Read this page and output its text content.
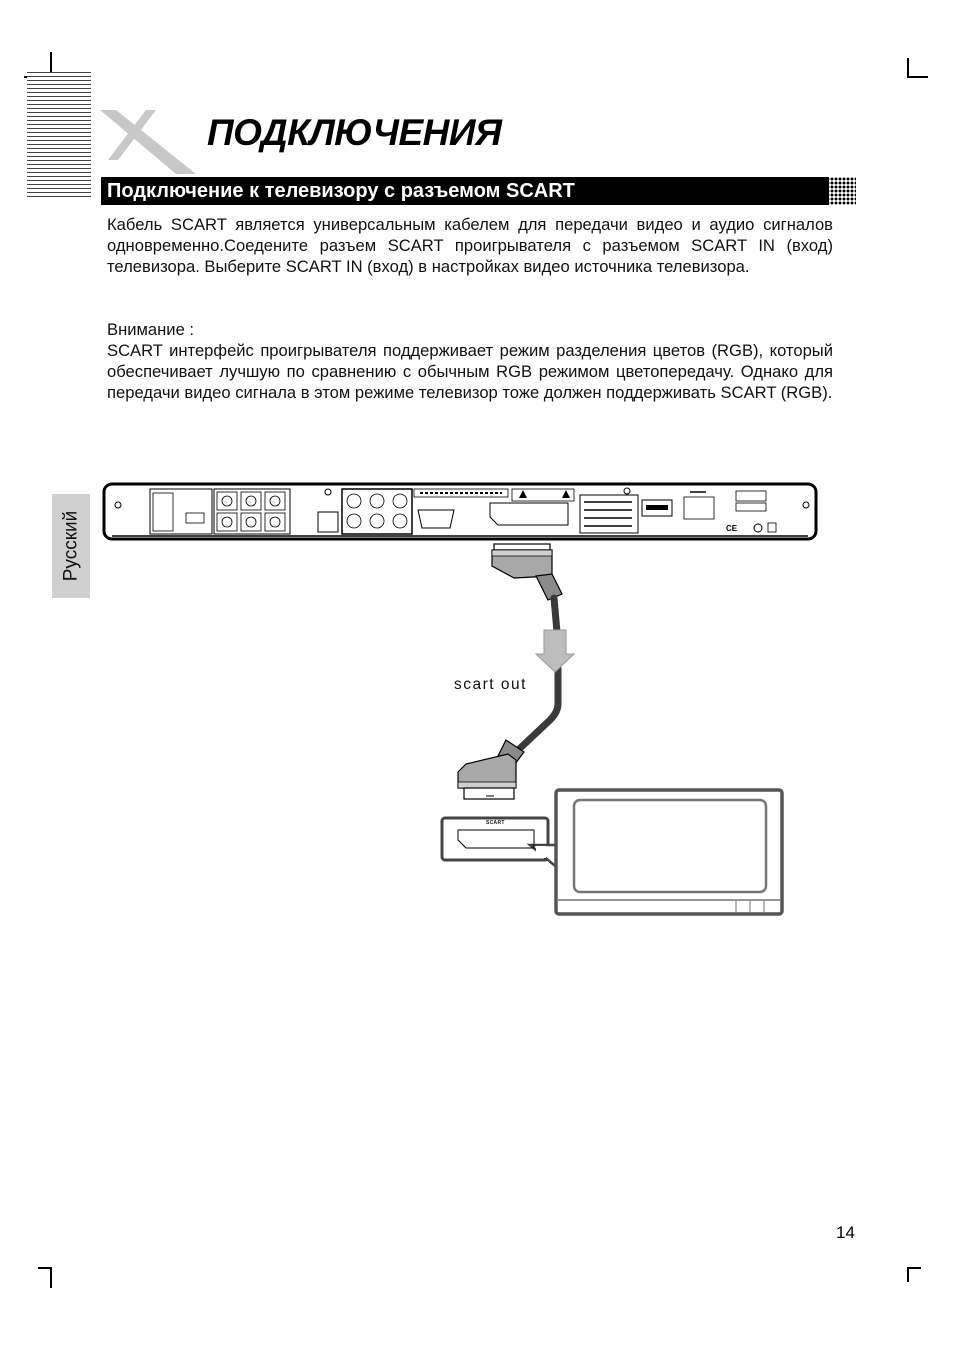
CE
ПОДКЛЮЧЕНИЯ
Подключение к телевизору с разъемом SCART
Кабель SCART является универсальным кабелем для передачи видео и аудио сигналов одновременно.Соедените разъем SCART проигрывателя с разъемом SCART IN (вход) телевизора. Выберите SCART IN (вход) в настройках видео источника телевизора.
Внимание :
SCART интерфейс проигрывателя поддерживает режим разделения цветов (RGB), который обеспечивает лучшую по сравнению с обычным RGB режимом цветопередачу. Однако для передачи видео сигнала в этом режиме телевизор тоже должен поддерживать SCART (RGB).
Русский
scart out
SCART
14
